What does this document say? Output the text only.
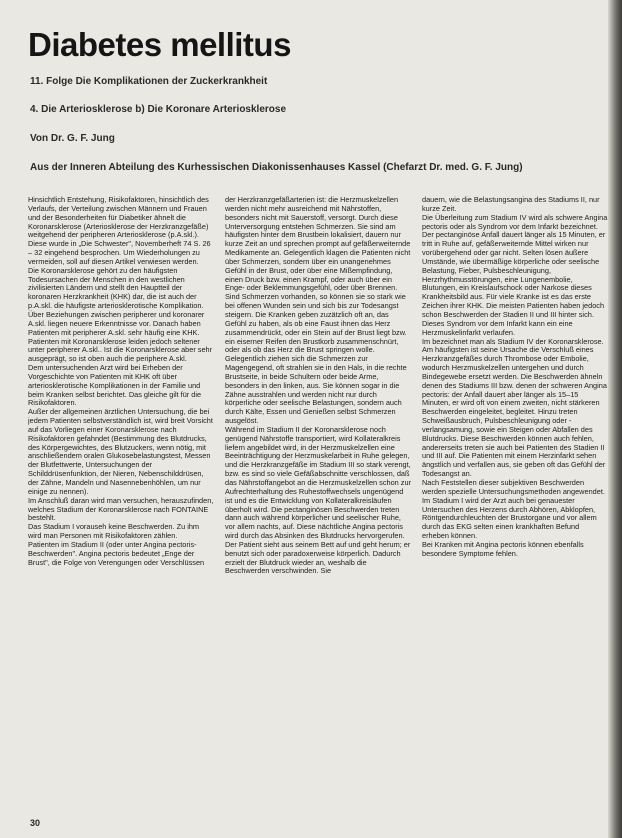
Diabetes mellitus
11. Folge Die Komplikationen der Zuckerkrankheit
4. Die Arteriosklerose b) Die Koronare Arteriosklerose
Von Dr. G. F. Jung
Aus der Inneren Abteilung des Kurhessischen Diakonissenhauses Kassel (Chefarzt Dr. med. G. F. Jung)

Hinsichtlich Entstehung, Risikofaktoren, hinsichtlich des Verlaufs, der Verteilung zwischen Männern und Frauen und der Besonderheiten für Diabetiker ähnelt die Koronarsklerose (Arteriosklerose der Herzkranzgefäße) weitgehend der peripheren Arteriosklerose (p.A.skl.). Diese wurde in „Die Schwester", Novemberheft 74 S. 26 – 32 eingehend besprochen. Um Wiederholungen zu vermeiden, soll auf diesen Artikel verwiesen werden.

Die Koronarsklerose gehört zu den häufigsten Todesursachen der Menschen in den westlichen zivilisierten Ländern und stellt den Hauptteil der koronaren Herzkrankheit (KHK) dar, die ist auch der p.A.skl. die häufigste arteriosklerotische Komplikation.

Über Beziehungen zwischen peripherer und koronarer A.skl. liegen neuere Erkenntnisse vor. Danach haben Patienten mit peripherer A.skl. sehr häufig eine KHK. Patienten mit Koronarsklerose leiden jedoch seltener unter peripherer A.skl.. Ist die Koronarsklerose aber sehr ausgeprägt, so ist oben auch die periphere A.skl.

Dem untersuchenden Arzt wird bei Erheben der Vorgeschichte von Patienten mit KHK oft über arteriosklerotische Komplikationen in der Familie und beim Kranken selbst berichtet. Das gleiche gilt für die Risikofaktoren.

Außer der allgemeinen ärztlichen Untersuchung, die bei jedem Patienten selbstverständlich ist, wird breit Vorsicht auf das Vorliegen einer Koronarsklerose nach Risikofaktoren gefahndet (Bestimmung des Blutdrucks, des Körpergewichtes, des Blutzuckers, wenn nötig, mit anschließendem oralen Glukosebelastungstest, Messen der Blutfettwerte, Untersuchungen der Schilddrüsenfunktion, der Nieren, Nebenschilddrüsen, der Zähne, Mandeln und Nasennebenhöhlen, um nur einige zu nennen).

Im Anschluß daran wird man versuchen, herauszufinden, welches Stadium der Koronarsklerose nach FONTAINE bestehlt.

Das Stadium I vorauseh keine Beschwerden. Zu ihm wird man Personen mit Risikofaktoren zählen.

Patienten im Stadium II (oder unter Angina pectoris-Beschwerden". Angina pectoris bedeutet „Enge der Brust", die Folge von Verengungen oder Verschlüssen

der Herzkranzgefäßarterien ist: die Herzmuskelzellen werden nicht mehr ausreichend mit Nährstoffen, besonders nicht mit Sauerstoff, versorgt. Durch diese Unterversorgung entstehen Schmerzen. Sie sind am häufigsten hinter dem Brustbein lokalisiert, dauern nur kurze Zeit an und sprechen prompt auf gefäßerweiternde Medikamente an. Gelegentlich klagen die Patienten nicht über Schmerzen, sondern über ein unangenehmes Gefühl in der Brust, oder über eine Mißempfindung, einen Druck bzw. einen Krampf, oder auch über ein Enge- oder Beklemmungsgefühl, oder über Brennen. Sind Schmerzen vorhanden, so können sie so stark wie bei offenen Wunden sein und sich bis zur Todesangst steigern. Die Kranken geben zuzätzlich oft an, das Gefühl zu haben, als ob eine Faust ihnen das Herz zusammendrückt, oder ein Stein auf der Brust liegt bzw. ein eiserner Reifen den Brustkorb zusammenschnürt, oder als ob das Herz die Brust springen wolle. Gelegentlich ziehen sich die Schmerzen zur Magengegend, oft strahlen sie in den Hals, in die rechte Brustseite, in beide Schultern oder beide Arme, besonders in den linken, aus. Sie können sogar in die Zähne ausstrahlen und werden nicht nur durch körperliche oder seelische Belastungen, sondern auch durch Kälte, Essen und Genießen selbst Schmerzen ausgelöst.

Während im Stadium II der Koronarsklerose noch genügend Nährstoffe transportiert, wird Kollateralkreis liefern angebildet wird, in der Herzmuskelzellen eine Beeinträchtigung der Herzmuskelarbeit in Ruhe gelegen, und die Herzkranzgefäße im Stadium III so stark verengt, bzw. es sind so viele Gefäßabschnitte verschlossen, daß das Nährstoffangebot an die Herzmuskelzellen schon zur Aufrechterhaltung des Ruhestoffwechsels ungenügend ist und es die Entwicklung von Kollateralkreisläufen überholt wird. Die pectanginösen Beschwerden treten dann auch während körperlicher und seelischer Ruhe, vor allem nachts, auf. Diese nächtliche Angina pectoris wird durch das Absinken des Blutdrucks hervorgerufen. Der Patient sieht aus seinem Bett auf und geht herum; er benutzt sich oder paradoxerweise körperlich. Dadurch erzielt der Blutdruck wieder an, weshalb die Beschwerden verschwinden. Sie

dauern, wie die Belastungsangina des Stadiums II, nur kurze Zeit.

Die Überleitung zum Stadium IV wird als schwere Angina pectoris oder als Syndrom vor dem Infarkt bezeichnet. Der pectanginöse Anfall dauert länger als 15 Minuten, er tritt in Ruhe auf, gefäßerweiternde Mittel wirken nur vorübergehend oder gar nicht. Selten lösen äußere Umstände, wie übermäßige körperliche oder seelische Belastung, Fieber, Pulsbeschleunigung, Herzrhythmusstörungen, eine Lungenembolie, Blutungen, ein Kreislaufschock oder Narkose dieses Krankheitsbild aus. Für viele Kranke ist es das erste Zeichen ihrer KHK. Die meisten Patienten haben jedoch schon Beschwerden der Stadien II und III hinter sich. Dieses Syndrom vor dem Infarkt kann ein eine Herzmuskelinfarkt verlaufen.

Im bezeichnet man als Stadium IV der Koronarsklerose. Am häufigsten ist seine Ursache die Verschluß eines Herzkranzgefäßes durch Thrombose oder Embolie, wodurch Herzmuskelzellen untergehen und durch Bindegewebe ersetzt werden. Die Beschwerden ähneln denen des Stadiums III bzw. denen der schweren Angina pectoris: der Anfall dauert aber länger als 15–15 Minuten, er wird oft von einem zweiten, nicht stärkeren Beschwerden eingeleitet, begleitet. Hinzu treten Schweißausbruch, Pulsbeschleunigung oder -verlangsamung, sowie ein Steigen oder Abfallen des Blutdrucks. Diese Beschwerden können auch fehlen, andererseits treten sie auch bei Patienten des Stadien II und III auf. Die Patienten mit einem Herzinfarkt sehen ängstlich und verfallen aus, sie geben oft das Gefühl der Todesangst an.

Nach Feststellen dieser subjektiven Beschwerden werden spezielle Untersuchungsmethoden angewendet.

Im Stadium I wird der Arzt auch bei genauester Untersuchen des Herzens durch Abhören, Abklopfen, Röntgendurchleuchten der Brustorgane und vor allem durch das EKG selten einen krankhaften Befund erheben können.

Bei Kranken mit Angina pectoris können ebenfalls besondere Symptome fehlen.

30
